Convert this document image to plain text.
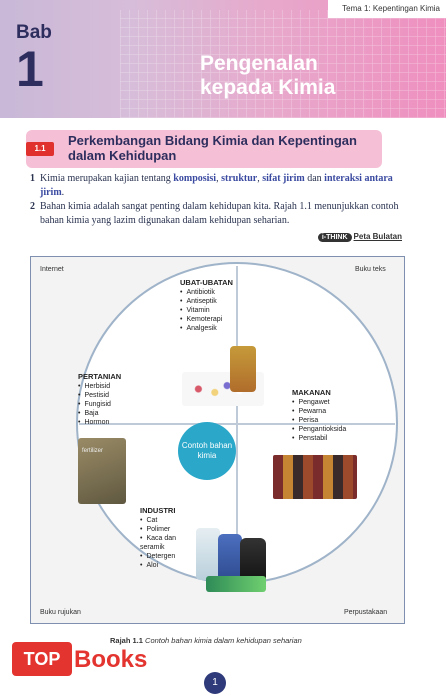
Bab
1
Tema 1: Kepentingan Kimia
Pengenalan
kepada Kimia
1.1
Perkembangan Bidang Kimia dan Kepentingan dalam Kehidupan
1 Kimia merupakan kajian tentang komposisi, struktur, sifat jirim dan interaksi antara jirim.
2 Bahan kimia adalah sangat penting dalam kehidupan kita. Rajah 1.1 menunjukkan contoh bahan kimia yang lazim digunakan dalam kehidupan seharian.
i-THINK Peta Bulatan
Internet	Buku teks
Buku rujukan	Perpustakaan
Contoh bahan kimia
UBAT-UBATAN
• Antibiotik
• Antiseptik
• Vitamin
• Kemoterapi
• Analgesik
PERTANIAN
• Herbisid
• Pestisid
• Fungisid
• Baja
• Hormon
MAKANAN
• Pengawet
• Pewarna
• Perisa
• Pengantioksida
• Penstabil
INDUSTRI
• Cat
• Polimer
• Kaca dan seramik
• Detergen
• Aloi
fertilizer
Rajah 1.1 Contoh bahan kimia dalam kehidupan seharian
TOP Books
1
